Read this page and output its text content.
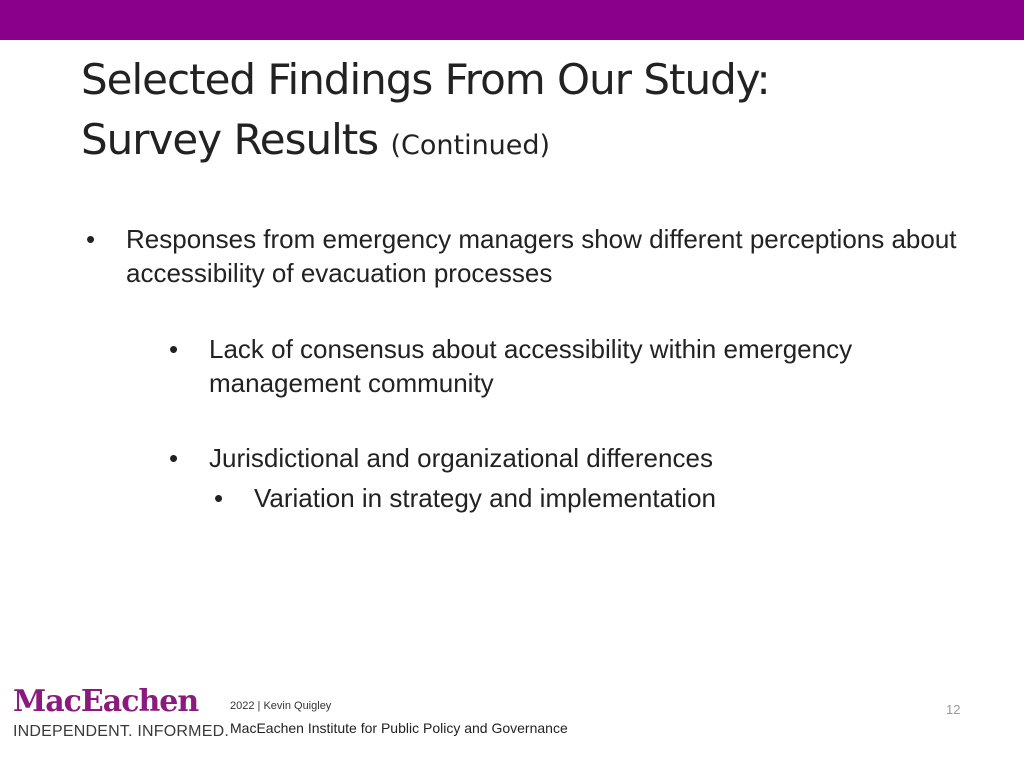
Selected Findings From Our Study:
Survey Results (Continued)
• Responses from emergency managers show different perceptions about accessibility of evacuation processes
• Lack of consensus about accessibility within emergency management community
• Jurisdictional and organizational differences
• Variation in strategy and implementation
MacEachen
INDEPENDENT. INFORMED.
2022 | Kevin Quigley
MacEachen Institute for Public Policy and Governance
12
